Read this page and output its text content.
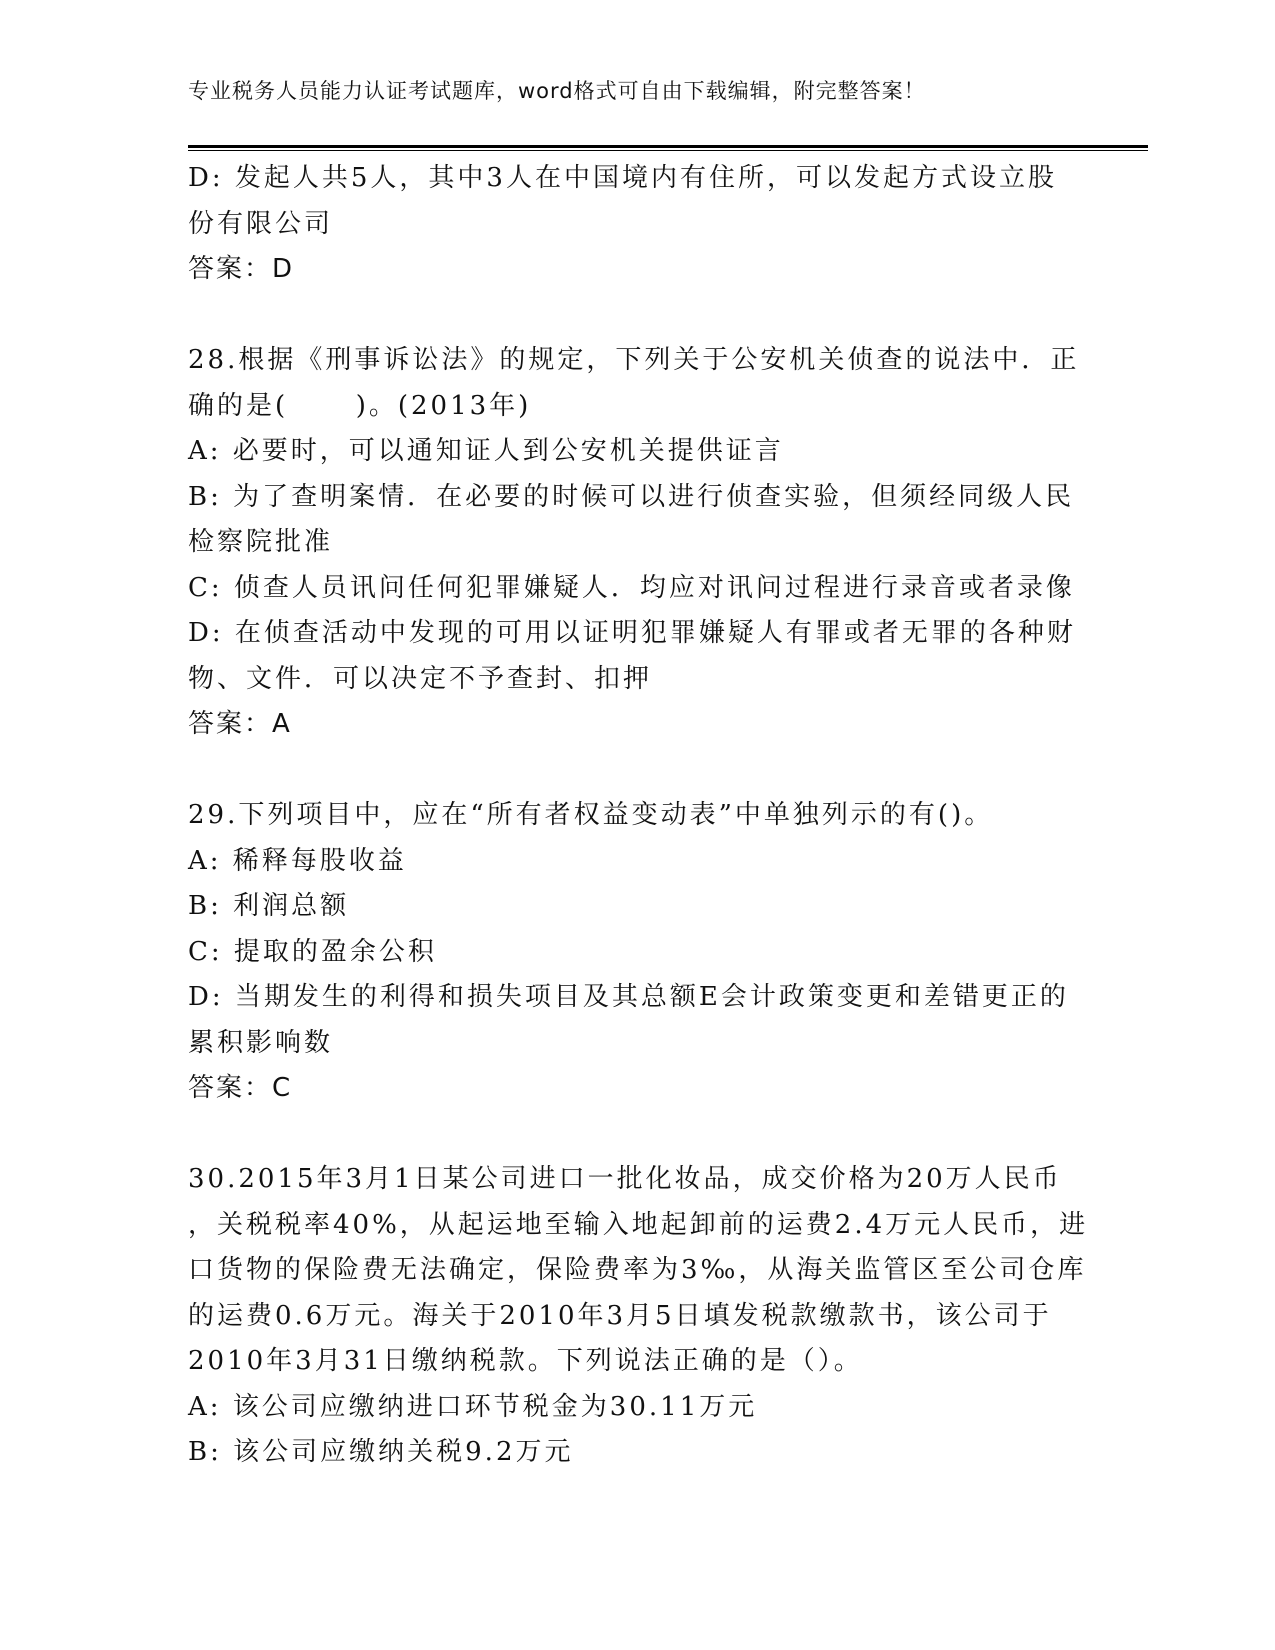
专业税务人员能力认证考试题库，word格式可自由下载编辑，附完整答案！
D: 发起人共5人，其中3人在中国境内有住所，可以发起方式设立股
份有限公司
答案：D
28.根据《刑事诉讼法》的规定，下列关于公安机关侦查的说法中．正
确的是(      )。(2013年)
A: 必要时，可以通知证人到公安机关提供证言
B: 为了查明案情．在必要的时候可以进行侦查实验，但须经同级人民
检察院批准
C: 侦查人员讯问任何犯罪嫌疑人．均应对讯问过程进行录音或者录像
D: 在侦查活动中发现的可用以证明犯罪嫌疑人有罪或者无罪的各种财
物、文件．可以决定不予查封、扣押
答案：A
29.下列项目中，应在“所有者权益变动表”中单独列示的有()。
A: 稀释每股收益
B: 利润总额
C: 提取的盈余公积
D: 当期发生的利得和损失项目及其总额E会计政策变更和差错更正的
累积影响数
答案：C
30.2015年3月1日某公司进口一批化妆品，成交价格为20万人民币
，关税税率40%，从起运地至输入地起卸前的运费2.4万元人民币，进
口货物的保险费无法确定，保险费率为3‰，从海关监管区至公司仓库
的运费0.6万元。海关于2010年3月5日填发税款缴款书，该公司于
2010年3月31日缴纳税款。下列说法正确的是（）。
A: 该公司应缴纳进口环节税金为30.11万元
B: 该公司应缴纳关税9.2万元
